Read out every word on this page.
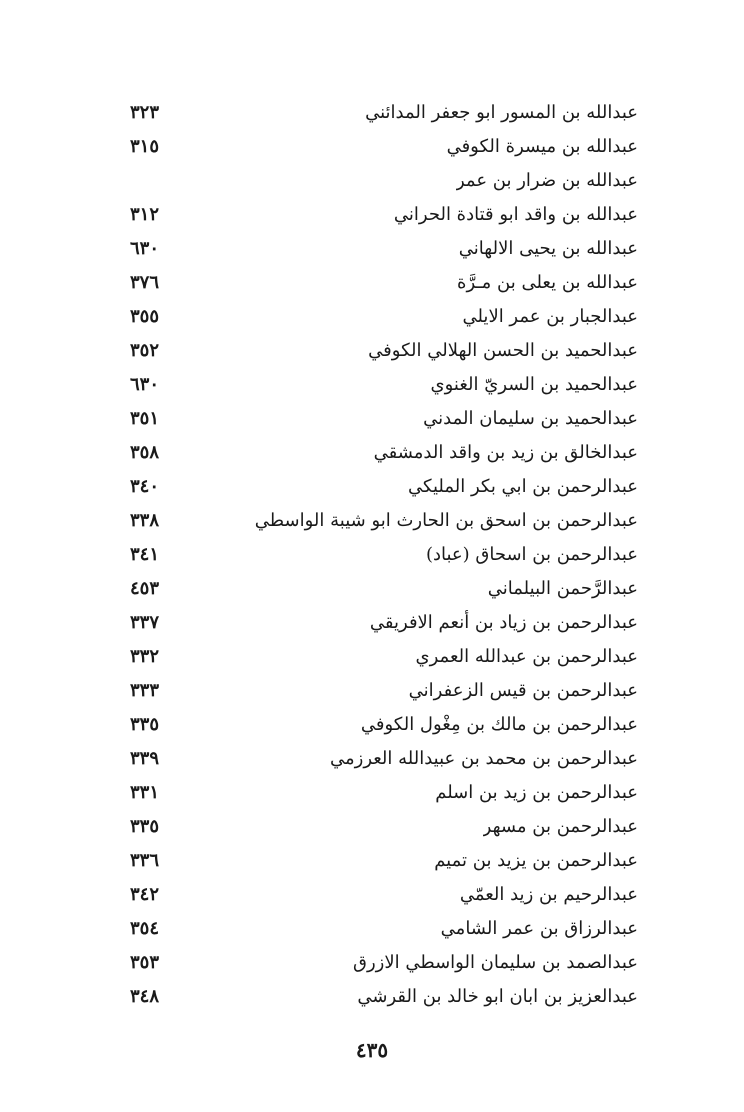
٣٢٣	عبدالله بن المسور ابو جعفر المدائني
٣١٥	عبدالله بن ميسرة الكوفي
عبدالله بن ضرار بن عمر
٣١٢	عبدالله بن واقد ابو قتادة الحراني
٦٣٠	عبدالله بن يحيى الالهاني
٣٧٦	عبدالله بن يعلى بن مـرَّة
٣٥٥	عبدالجبار بن عمر الايلي
٣٥٢	عبدالحميد بن الحسن الهلالي الكوفي
٦٣٠	عبدالحميد بن السريّ الغنوي
٣٥١	عبدالحميد بن سليمان المدني
٣٥٨	عبدالخالق بن زيد بن واقد الدمشقي
٣٤٠	عبدالرحمن بن ابي بكر المليكي
٣٣٨	عبدالرحمن بن اسحق بن الحارث ابو شيبة الواسطي
٣٤١	عبدالرحمن بن اسحاق (عباد)
٤٥٣	عبدالرَّحمن البيلماني
٣٣٧	عبدالرحمن بن زياد بن أنعم الافريقي
٣٣٢	عبدالرحمن بن عبدالله العمري
٣٣٣	عبدالرحمن بن قيس الزعفراني
٣٣٥	عبدالرحمن بن مالك بن مِغْول الكوفي
٣٣٩	عبدالرحمن بن محمد بن عبيدالله العرزمي
٣٣١	عبدالرحمن بن زيد بن اسلم
٣٣٥	عبدالرحمن بن مسهر
٣٣٦	عبدالرحمن بن يزيد بن تميم
٣٤٢	عبدالرحيم بن زيد العمّي
٣٥٤	عبدالرزاق بن عمر الشامي
٣٥٣	عبدالصمد بن سليمان الواسطي الازرق
٣٤٨	عبدالعزيز بن ابان ابو خالد بن القرشي
٤٣٥
